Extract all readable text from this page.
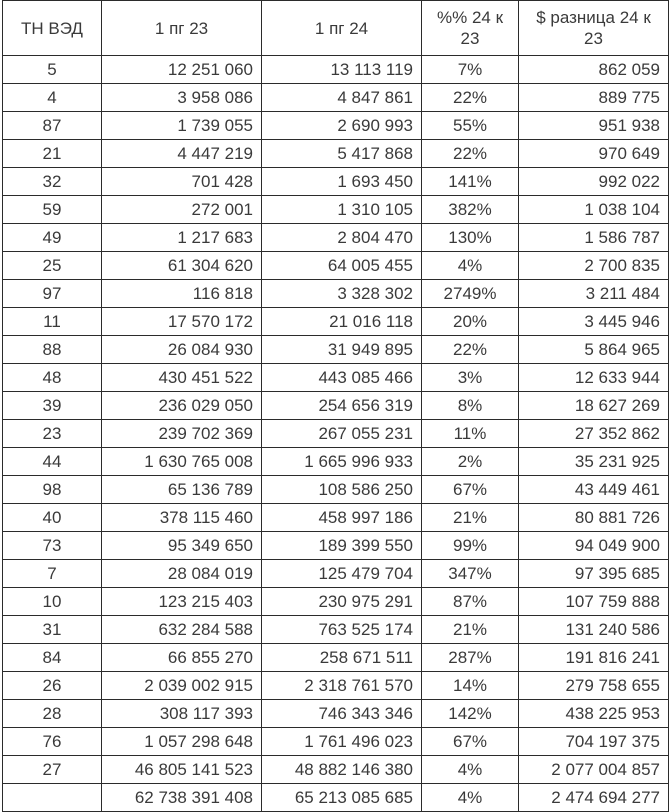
ТН ВЭД	1 пг 23	1 пг 24	%% 24 к 23	$ разница 24 к 23
5	12 251 060	13 113 119	7%	862 059
4	3 958 086	4 847 861	22%	889 775
87	1 739 055	2 690 993	55%	951 938
21	4 447 219	5 417 868	22%	970 649
32	701 428	1 693 450	141%	992 022
59	272 001	1 310 105	382%	1 038 104
49	1 217 683	2 804 470	130%	1 586 787
25	61 304 620	64 005 455	4%	2 700 835
97	116 818	3 328 302	2749%	3 211 484
11	17 570 172	21 016 118	20%	3 445 946
88	26 084 930	31 949 895	22%	5 864 965
48	430 451 522	443 085 466	3%	12 633 944
39	236 029 050	254 656 319	8%	18 627 269
23	239 702 369	267 055 231	11%	27 352 862
44	1 630 765 008	1 665 996 933	2%	35 231 925
98	65 136 789	108 586 250	67%	43 449 461
40	378 115 460	458 997 186	21%	80 881 726
73	95 349 650	189 399 550	99%	94 049 900
7	28 084 019	125 479 704	347%	97 395 685
10	123 215 403	230 975 291	87%	107 759 888
31	632 284 588	763 525 174	21%	131 240 586
84	66 855 270	258 671 511	287%	191 816 241
26	2 039 002 915	2 318 761 570	14%	279 758 655
28	308 117 393	746 343 346	142%	438 225 953
76	1 057 298 648	1 761 496 023	67%	704 197 375
27	46 805 141 523	48 882 146 380	4%	2 077 004 857
	62 738 391 408	65 213 085 685	4%	2 474 694 277
